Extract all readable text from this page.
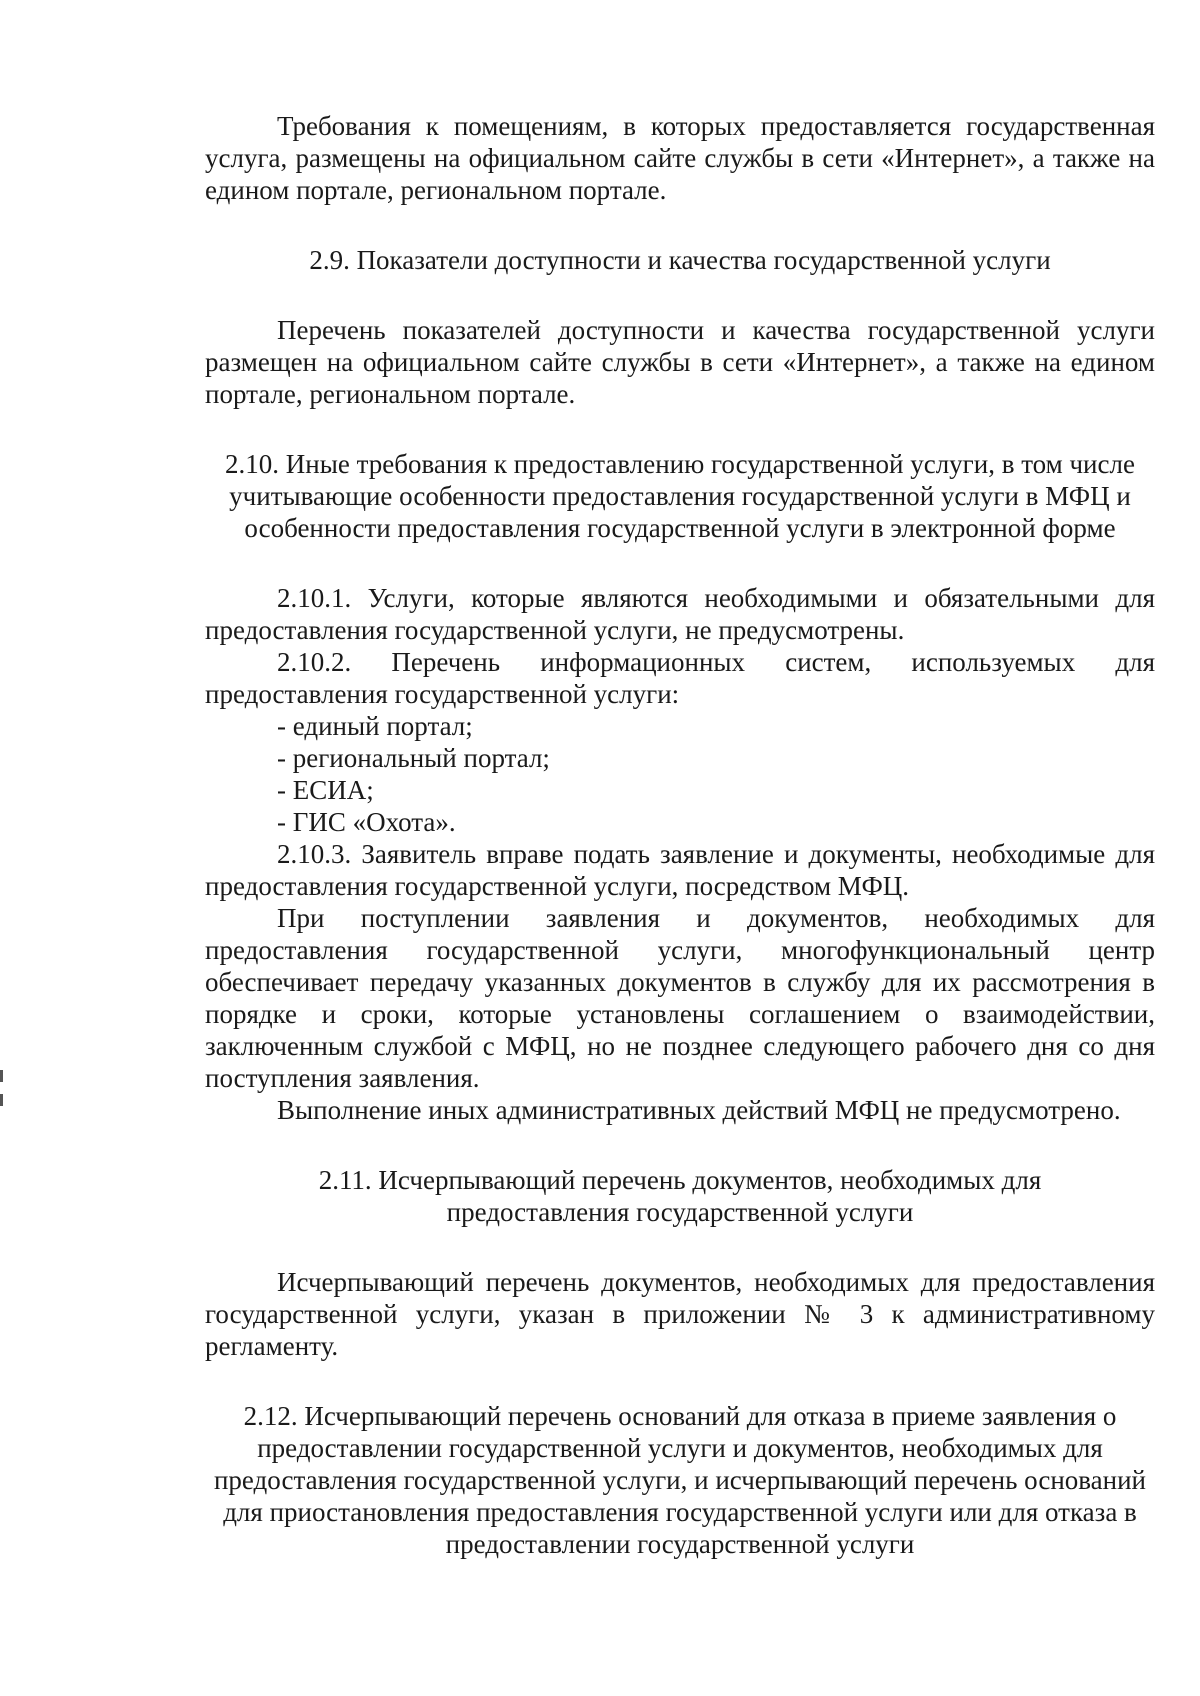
Требования к помещениям, в которых предоставляется государственная услуга, размещены на официальном сайте службы в сети «Интернет», а также на едином портале, региональном портале.

2.9. Показатели доступности и качества государственной услуги

Перечень показателей доступности и качества государственной услуги размещен на официальном сайте службы в сети «Интернет», а также на едином портале, региональном портале.

2.10. Иные требования к предоставлению государственной услуги, в том числе учитывающие особенности предоставления государственной услуги в МФЦ и особенности предоставления государственной услуги в электронной форме

2.10.1. Услуги, которые являются необходимыми и обязательными для предоставления государственной услуги, не предусмотрены.

2.10.2. Перечень информационных систем, используемых для предоставления государственной услуги:

- единый портал;

- региональный портал;

- ЕСИА;

- ГИС «Охота».

2.10.3. Заявитель вправе подать заявление и документы, необходимые для предоставления государственной услуги, посредством МФЦ.

При поступлении заявления и документов, необходимых для предоставления государственной услуги, многофункциональный центр обеспечивает передачу указанных документов в службу для их рассмотрения в порядке и сроки, которые установлены соглашением о взаимодействии, заключенным службой с МФЦ, но не позднее следующего рабочего дня со дня поступления заявления.

Выполнение иных административных действий МФЦ не предусмотрено.

2.11. Исчерпывающий перечень документов, необходимых для предоставления государственной услуги

Исчерпывающий перечень документов, необходимых для предоставления государственной услуги, указан в приложении № 3 к административному регламенту.

2.12. Исчерпывающий перечень оснований для отказа в приеме заявления о предоставлении государственной услуги и документов, необходимых для предоставления государственной услуги, и исчерпывающий перечень оснований для приостановления предоставления государственной услуги или для отказа в предоставлении государственной услуги
